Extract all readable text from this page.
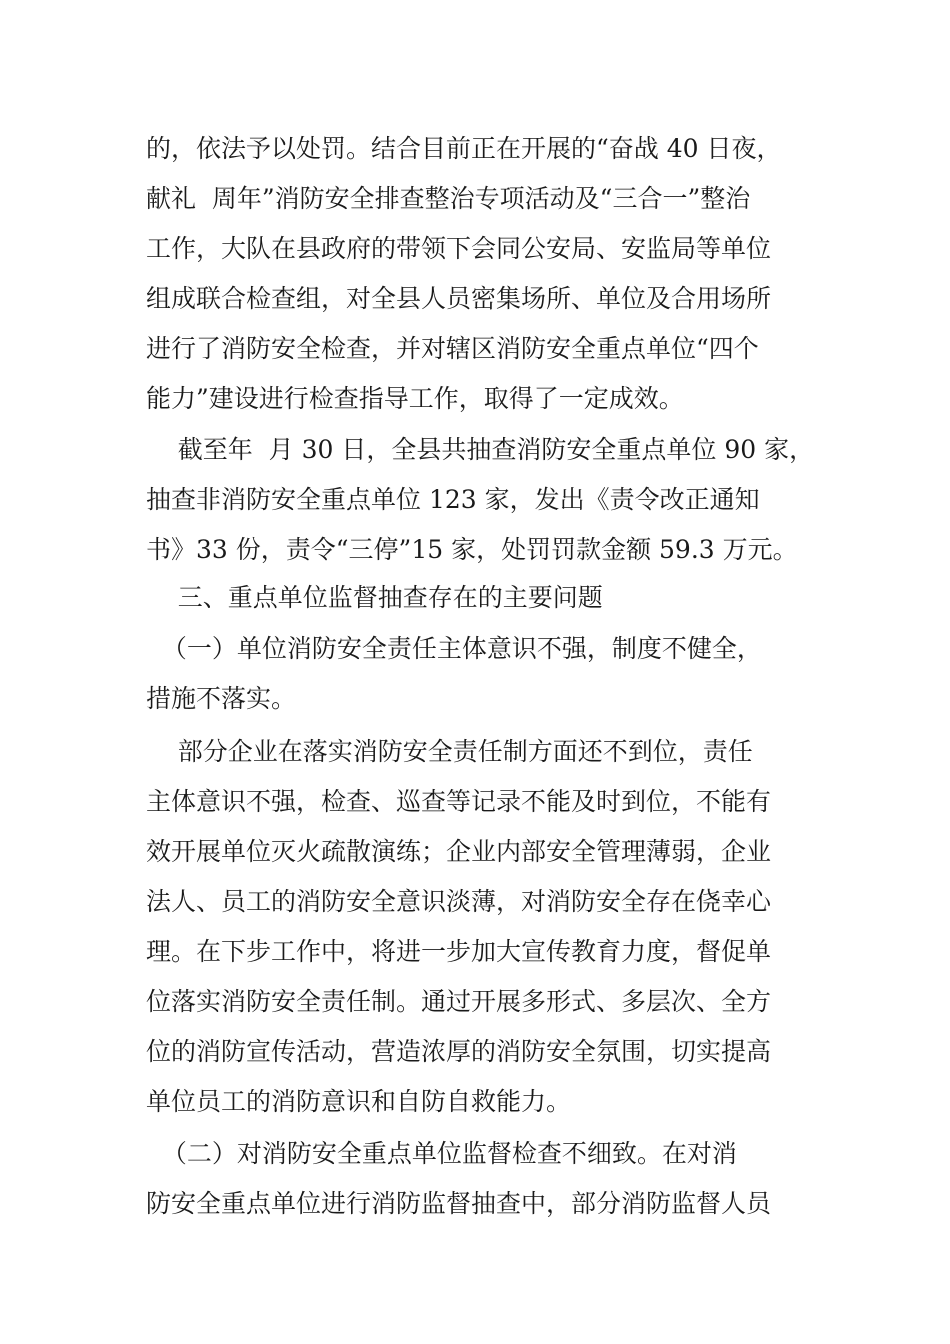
的，依法予以处罚。结合目前正在开展的“奋战 40 日夜，
献礼  周年”消防安全排查整治专项活动及“三合一”整治
工作，大队在县政府的带领下会同公安局、安监局等单位
组成联合检查组，对全县人员密集场所、单位及合用场所
进行了消防安全检查，并对辖区消防安全重点单位“四个
能力”建设进行检查指导工作，取得了一定成效。
截至年  月 30 日，全县共抽查消防安全重点单位 90 家，
抽查非消防安全重点单位 123 家，发出《责令改正通知
书》33 份，责令“三停”15 家，处罚罚款金额 59.3 万元。
三、重点单位监督抽查存在的主要问题
（一）单位消防安全责任主体意识不强，制度不健全，
措施不落实。
部分企业在落实消防安全责任制方面还不到位，责任
主体意识不强，检查、巡查等记录不能及时到位，不能有
效开展单位灭火疏散演练；企业内部安全管理薄弱，企业
法人、员工的消防安全意识淡薄，对消防安全存在侥幸心
理。在下步工作中，将进一步加大宣传教育力度，督促单
位落实消防安全责任制。通过开展多形式、多层次、全方
位的消防宣传活动，营造浓厚的消防安全氛围，切实提高
单位员工的消防意识和自防自救能力。
（二）对消防安全重点单位监督检查不细致。在对消
防安全重点单位进行消防监督抽查中，部分消防监督人员
